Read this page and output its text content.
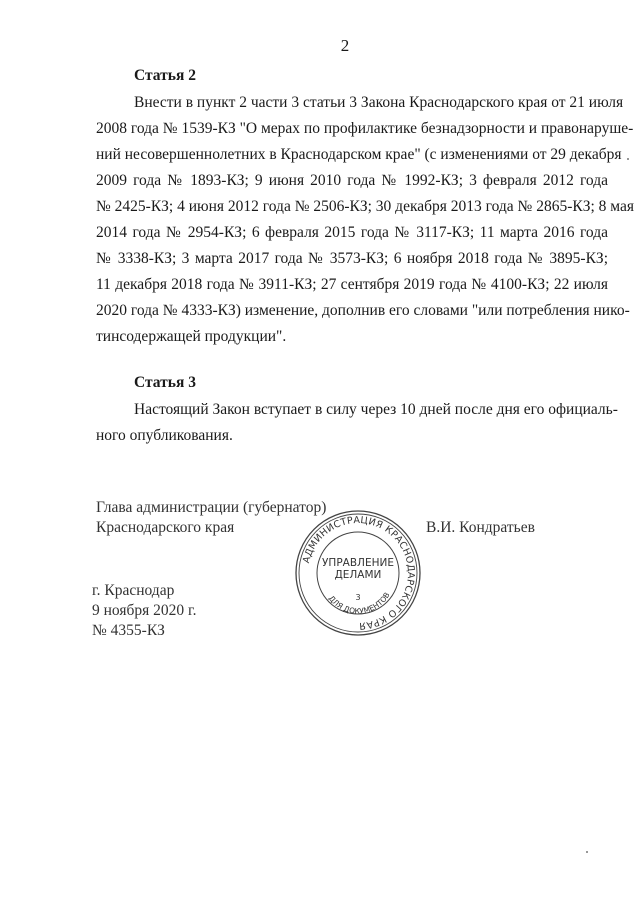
2
Статья 2
Внести в пункт 2 части 3 статьи 3 Закона Краснодарского края от 21 июля
2008 года № 1539-КЗ "О мерах по профилактике безнадзорности и правонаруше-
ний несовершеннолетних в Краснодарском крае" (с изменениями от 29 декабря
2009 года № 1893-КЗ; 9 июня 2010 года № 1992-КЗ; 3 февраля 2012 года
№ 2425-КЗ; 4 июня 2012 года № 2506-КЗ; 30 декабря 2013 года № 2865-КЗ; 8 мая
2014 года № 2954-КЗ; 6 февраля 2015 года № 3117-КЗ; 11 марта 2016 года
№ 3338-КЗ; 3 марта 2017 года № 3573-КЗ; 6 ноября 2018 года № 3895-КЗ;
11 декабря 2018 года № 3911-КЗ; 27 сентября 2019 года № 4100-КЗ; 22 июля
2020 года № 4333-КЗ) изменение, дополнив его словами "или потребления нико-
тинсодержащей продукции".
Статья 3
Настоящий Закон вступает в силу через 10 дней после дня его официаль-
ного опубликования.
Глава администрации (губернатор)
Краснодарского края	В.И. Кондратьев
г. Краснодар
9 ноября 2020 г.
№ 4355-КЗ
АДМИНИСТРАЦИЯ КРАСНОДАРСКОГО КРАЯ
УПРАВЛЕНИЕ
ДЕЛАМИ
3
ДЛЯ ДОКУМЕНТОВ
